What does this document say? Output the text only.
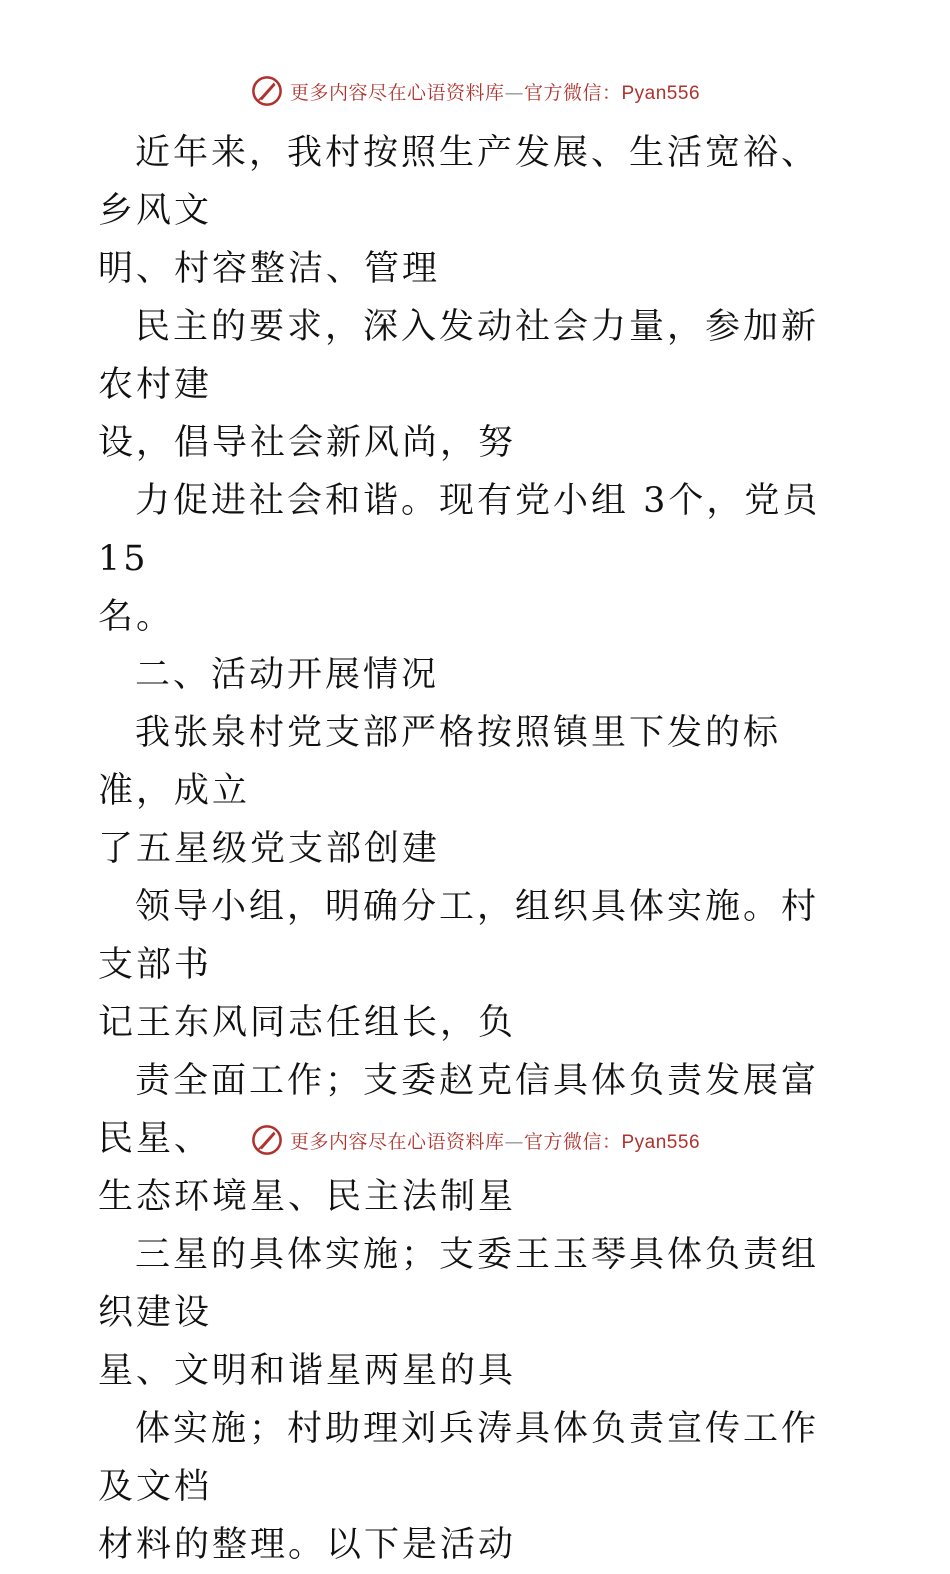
更多内容尽在心语资料库—官方微信：Pyan556

近年来，我村按照生产发展、生活宽裕、乡风文
明、村容整洁、管理

民主的要求，深入发动社会力量，参加新农村建
设，倡导社会新风尚，努

力促进社会和谐。现有党小组 3个，党员 15
名。

二、活动开展情况

我张泉村党支部严格按照镇里下发的标准，成立
了五星级党支部创建

领导小组，明确分工，组织具体实施。村支部书
记王东风同志任组长，负

责全面工作；支委赵克信具体负责发展富民星、
生态环境星、民主法制星

三星的具体实施；支委王玉琴具体负责组织建设
星、文明和谐星两星的具

体实施；村助理刘兵涛具体负责宣传工作及文档
材料的整理。以下是活动

更多内容尽在心语资料库—官方微信：Pyan556
